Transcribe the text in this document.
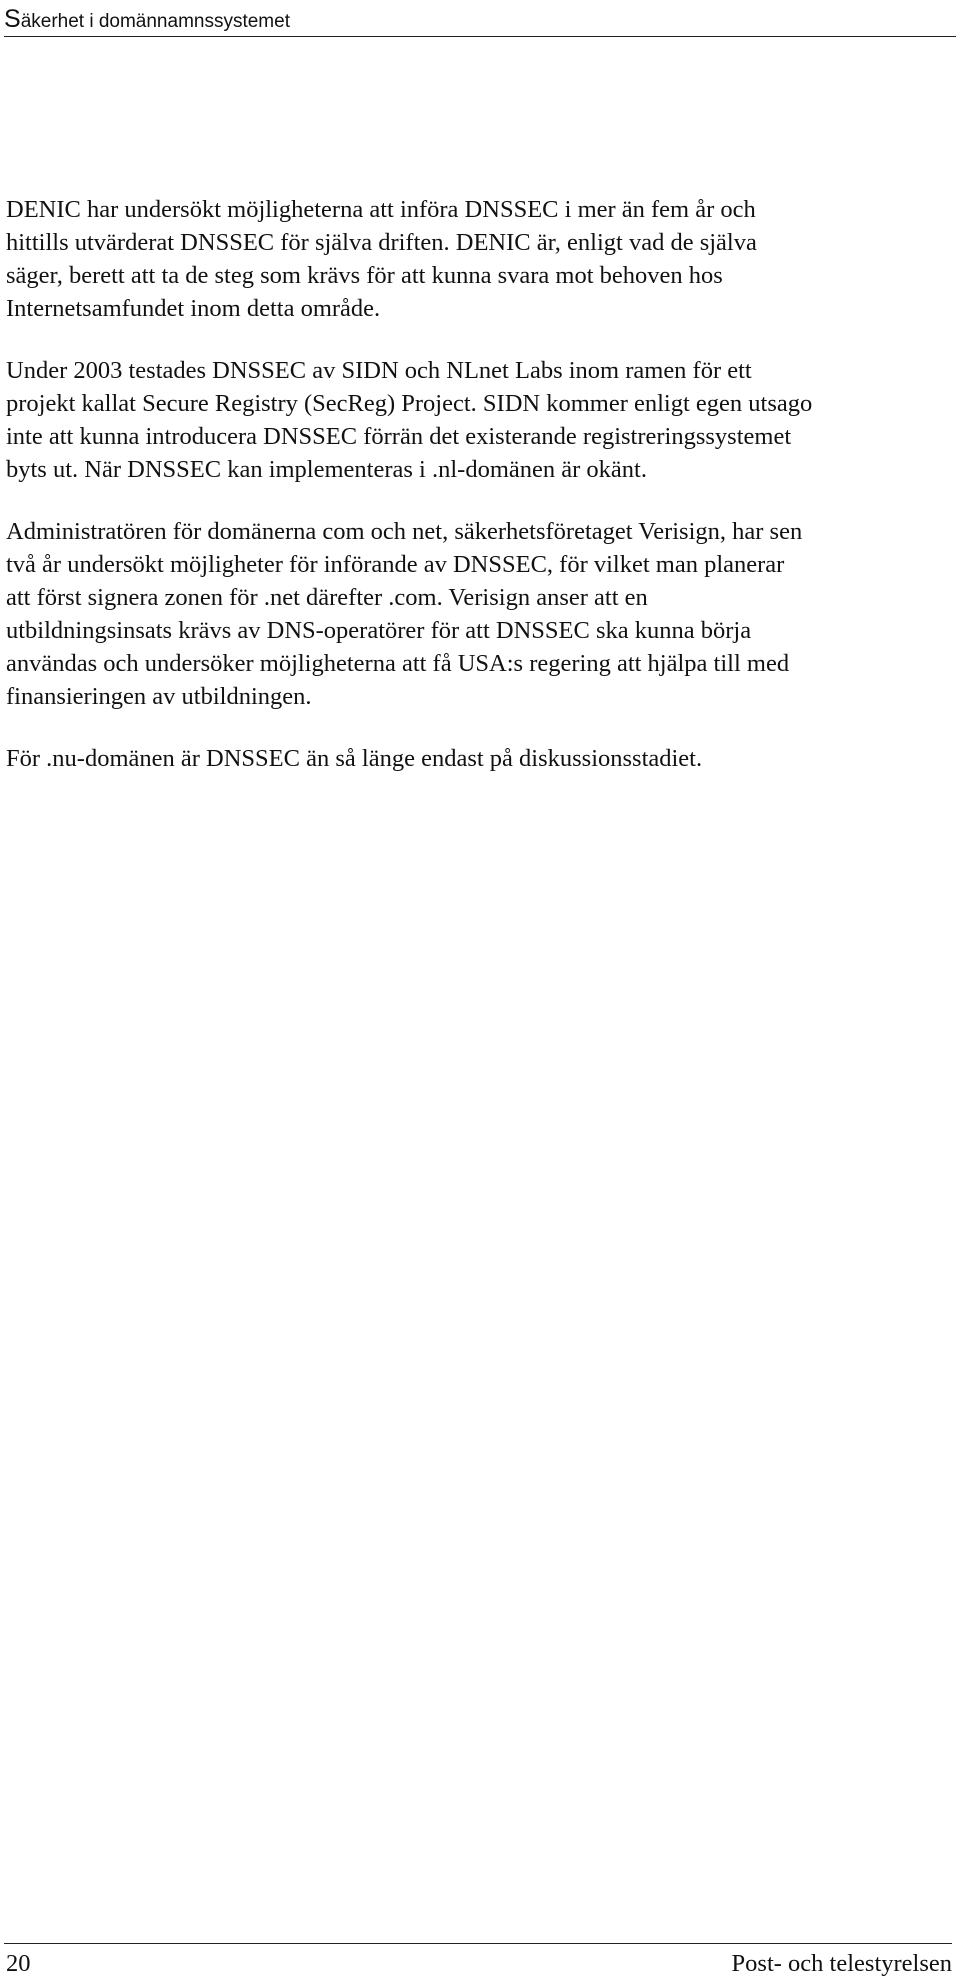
Säkerhet i domännamnssystemet

DENIC har undersökt möjligheterna att införa DNSSEC i mer än fem år och
hittills utvärderat DNSSEC för själva driften. DENIC är, enligt vad de själva
säger, berett att ta de steg som krävs för att kunna svara mot behoven hos
Internetsamfundet inom detta område.

Under 2003 testades DNSSEC av SIDN och NLnet Labs inom ramen för ett
projekt kallat Secure Registry (SecReg) Project. SIDN kommer enligt egen utsago
inte att kunna introducera DNSSEC förrän det existerande registreringssystemet
byts ut. När DNSSEC kan implementeras i .nl-domänen är okänt.

Administratören för domänerna com och net, säkerhetsföretaget Verisign, har sen
två år undersökt möjligheter för införande av DNSSEC, för vilket man planerar
att först signera zonen för .net därefter .com. Verisign anser att en
utbildningsinsats krävs av DNS-operatörer för att DNSSEC ska kunna börja
användas och undersöker möjligheterna att få USA:s regering att hjälpa till med
finansieringen av utbildningen.

För .nu-domänen är DNSSEC än så länge endast på diskussionsstadiet.

20	Post- och telestyrelsen
